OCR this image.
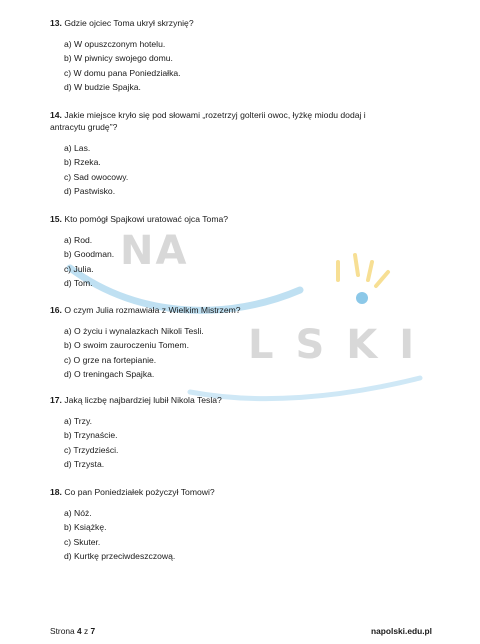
NA
LSKI
13. Gdzie ojciec Toma ukrył skrzynię?
a) W opuszczonym hotelu.
b) W piwnicy swojego domu.
c) W domu pana Poniedziałka.
d) W budzie Spajka.
14. Jakie miejsce kryło się pod słowami „rozetrzyj golterii owoc, łyżkę miodu dodaj i
antracytu grudę”?
a) Las.
b) Rzeka.
c) Sad owocowy.
d) Pastwisko.
15. Kto pomógł Spajkowi uratować ojca Toma?
a) Rod.
b) Goodman.
c) Julia.
d) Tom.
16. O czym Julia rozmawiała z Wielkim Mistrzem?
a) O życiu i wynalazkach Nikoli Tesli.
b) O swoim zauroczeniu Tomem.
c) O grze na fortepianie.
d) O treningach Spajka.
17. Jaką liczbę najbardziej lubił Nikola Tesla?
a) Trzy.
b) Trzynaście.
c) Trzydzieści.
d) Trzysta.
18. Co pan Poniedziałek pożyczył Tomowi?
a) Nóż.
b) Książkę.
c) Skuter.
d) Kurtkę przeciwdeszczową.
Strona 4 z 7	napolski.edu.pl
